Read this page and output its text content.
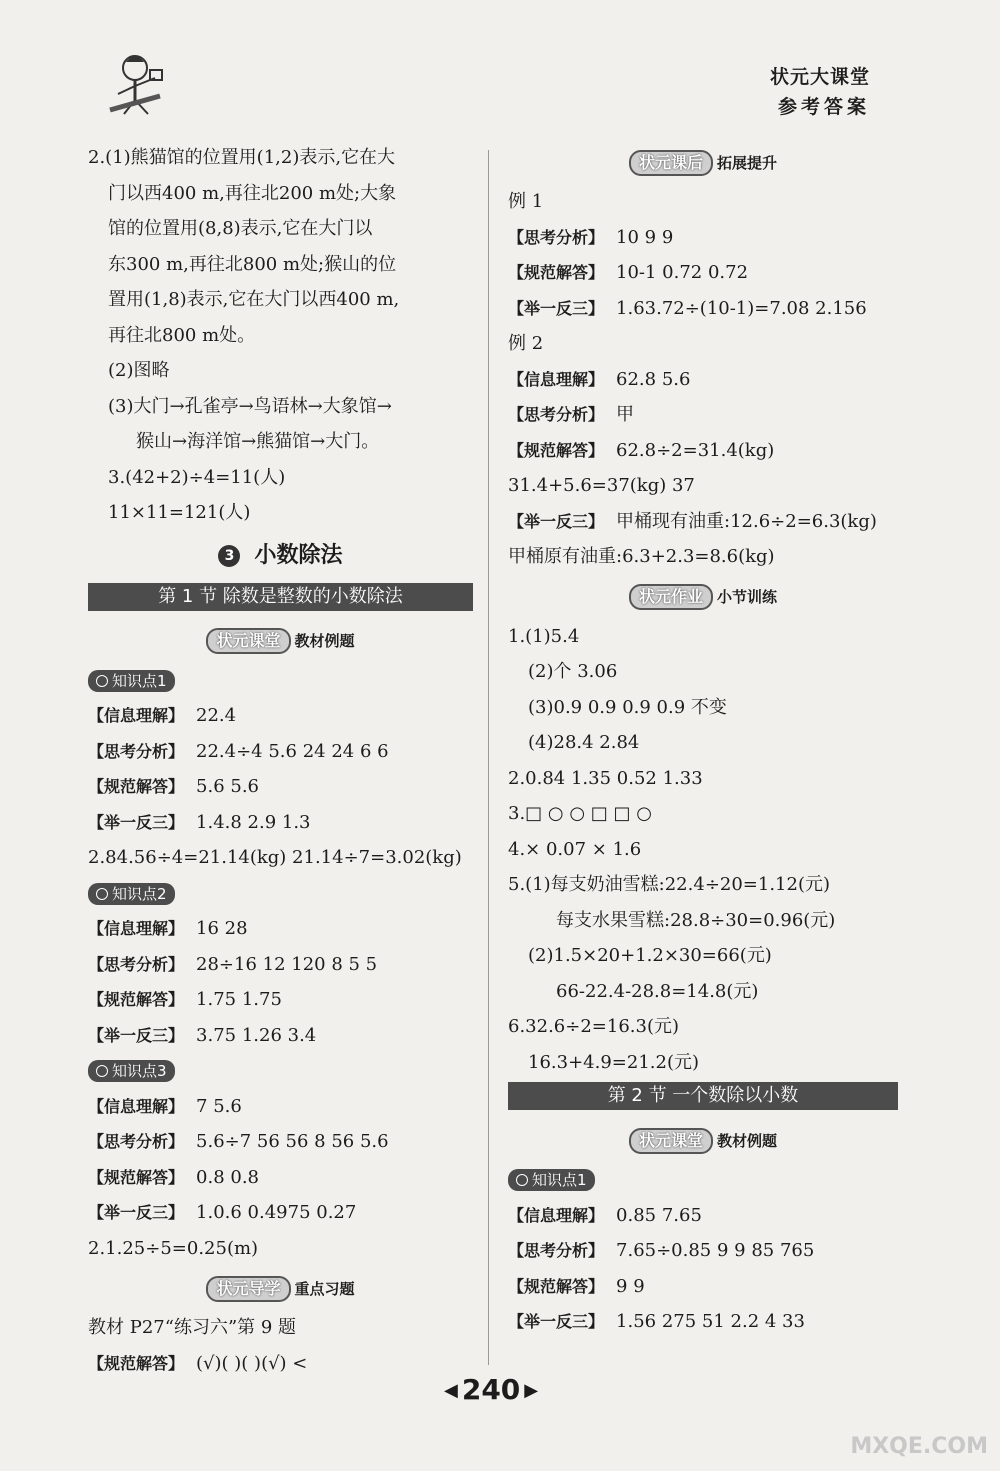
状元大课堂
参考答案
2.(1)熊猫馆的位置用(1,2)表示,它在大
门以西400 m,再往北200 m处;大象
馆的位置用(8,8)表示,它在大门以
东300 m,再往北800 m处;猴山的位
置用(1,8)表示,它在大门以西400 m,
再往北800 m处。
(2)图略
(3)大门→孔雀亭→鸟语林→大象馆→
猴山→海洋馆→熊猫馆→大门。
3.(42+2)÷4=11(人)
11×11=121(人)
3 小数除法
第 1 节 除数是整数的小数除法
状元课堂 教材例题
知识点1
【信息理解】 22.4
【思考分析】 22.4÷4 5.6 24 24 6 6
【规范解答】 5.6 5.6
【举一反三】 1.4.8 2.9 1.3
2.84.56÷4=21.14(kg) 21.14÷7=3.02(kg)
知识点2
【信息理解】 16 28
【思考分析】 28÷16 12 120 8 5 5
【规范解答】 1.75 1.75
【举一反三】 3.75 1.26 3.4
知识点3
【信息理解】 7 5.6
【思考分析】 5.6÷7 56 56 8 56 5.6
【规范解答】 0.8 0.8
【举一反三】 1.0.6 0.4975 0.27
2.1.25÷5=0.25(m)
状元导学 重点习题
教材 P27“练习六”第 9 题
【规范解答】 (√)( )( )(√) <
状元课后 拓展提升
例 1
【思考分析】 10 9 9
【规范解答】 10-1 0.72 0.72
【举一反三】 1.63.72÷(10-1)=7.08 2.156
例 2
【信息理解】 62.8 5.6
【思考分析】 甲
【规范解答】 62.8÷2=31.4(kg)
31.4+5.6=37(kg) 37
【举一反三】 甲桶现有油重:12.6÷2=6.3(kg)
甲桶原有油重:6.3+2.3=8.6(kg)
状元作业 小节训练
1.(1)5.4
(2)个 3.06
(3)0.9 0.9 0.9 0.9 不变
(4)28.4 2.84
2.0.84 1.35 0.52 1.33
3.□ ○ ○ □ □ ○
4.× 0.07 × 1.6
5.(1)每支奶油雪糕:22.4÷20=1.12(元)
每支水果雪糕:28.8÷30=0.96(元)
(2)1.5×20+1.2×30=66(元)
66-22.4-28.8=14.8(元)
6.32.6÷2=16.3(元)
16.3+4.9=21.2(元)
第 2 节 一个数除以小数
状元课堂 教材例题
知识点1
【信息理解】 0.85 7.65
【思考分析】 7.65÷0.85 9 9 85 765
【规范解答】 9 9
【举一反三】 1.56 275 51 2.2 4 33
◀ 240 ▶
MXQE.COM
